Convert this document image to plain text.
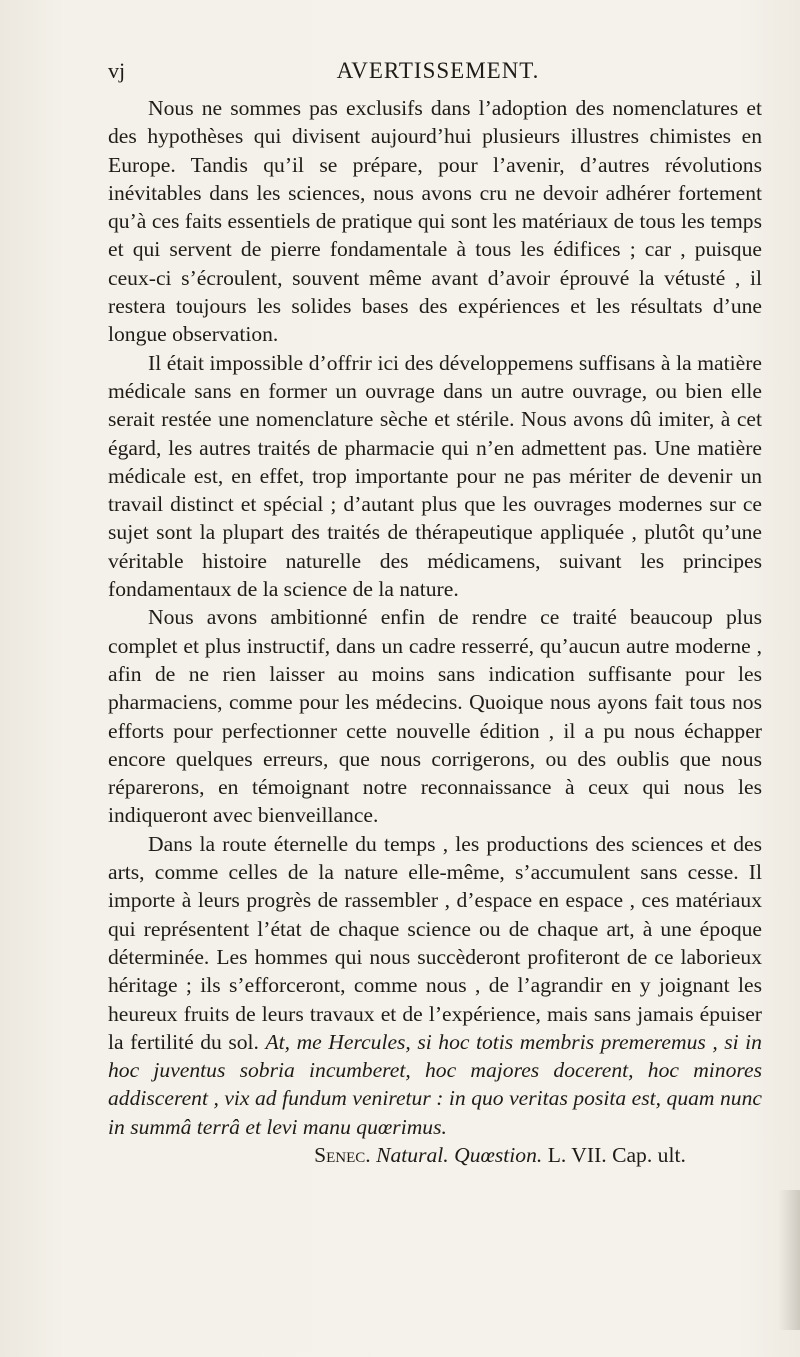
vj	AVERTISSEMENT.

Nous ne sommes pas exclusifs dans l’adoption des nomenclatures et des hypothèses qui divisent aujourd’hui plusieurs illustres chimistes en Europe. Tandis qu’il se prépare, pour l’avenir, d’autres révolutions inévitables dans les sciences, nous avons cru ne devoir adhérer fortement qu’à ces faits essentiels de pratique qui sont les matériaux de tous les temps et qui servent de pierre fondamentale à tous les édifices ; car , puisque ceux-ci s’écroulent, souvent même avant d’avoir éprouvé la vétusté , il restera toujours les solides bases des expériences et les résultats d’une longue observation.

Il était impossible d’offrir ici des développemens suffisans à la matière médicale sans en former un ouvrage dans un autre ouvrage, ou bien elle serait restée une nomenclature sèche et stérile. Nous avons dû imiter, à cet égard, les autres traités de pharmacie qui n’en admettent pas. Une matière médicale est, en effet, trop importante pour ne pas mériter de devenir un travail distinct et spécial ; d’autant plus que les ouvrages modernes sur ce sujet sont la plupart des traités de thérapeutique appliquée , plutôt qu’une véritable histoire naturelle des médicamens, suivant les principes fondamentaux de la science de la nature.

Nous avons ambitionné enfin de rendre ce traité beaucoup plus complet et plus instructif, dans un cadre resserré, qu’aucun autre moderne , afin de ne rien laisser au moins sans indication suffisante pour les pharmaciens, comme pour les médecins. Quoique nous ayons fait tous nos efforts pour perfectionner cette nouvelle édition , il a pu nous échapper encore quelques erreurs, que nous corrigerons, ou des oublis que nous réparerons, en témoignant notre reconnaissance à ceux qui nous les indiqueront avec bienveillance.

Dans la route éternelle du temps , les productions des sciences et des arts, comme celles de la nature elle-même, s’accumulent sans cesse. Il importe à leurs progrès de rassembler , d’espace en espace , ces matériaux qui représentent l’état de chaque science ou de chaque art, à une époque déterminée. Les hommes qui nous succèderont profiteront de ce laborieux héritage ; ils s’efforceront, comme nous , de l’agrandir en y joignant les heureux fruits de leurs travaux et de l’expérience, mais sans jamais épuiser la fertilité du sol. At, me Hercules, si hoc totis membris premeremus , si in hoc juventus sobria incumberet, hoc majores docerent, hoc minores addiscerent , vix ad fundum veniretur : in quo veritas posita est, quam nunc in summâ terrâ et levi manu quœrimus.

Senec. Natural. Quœstion. L. VII. Cap. ult.
